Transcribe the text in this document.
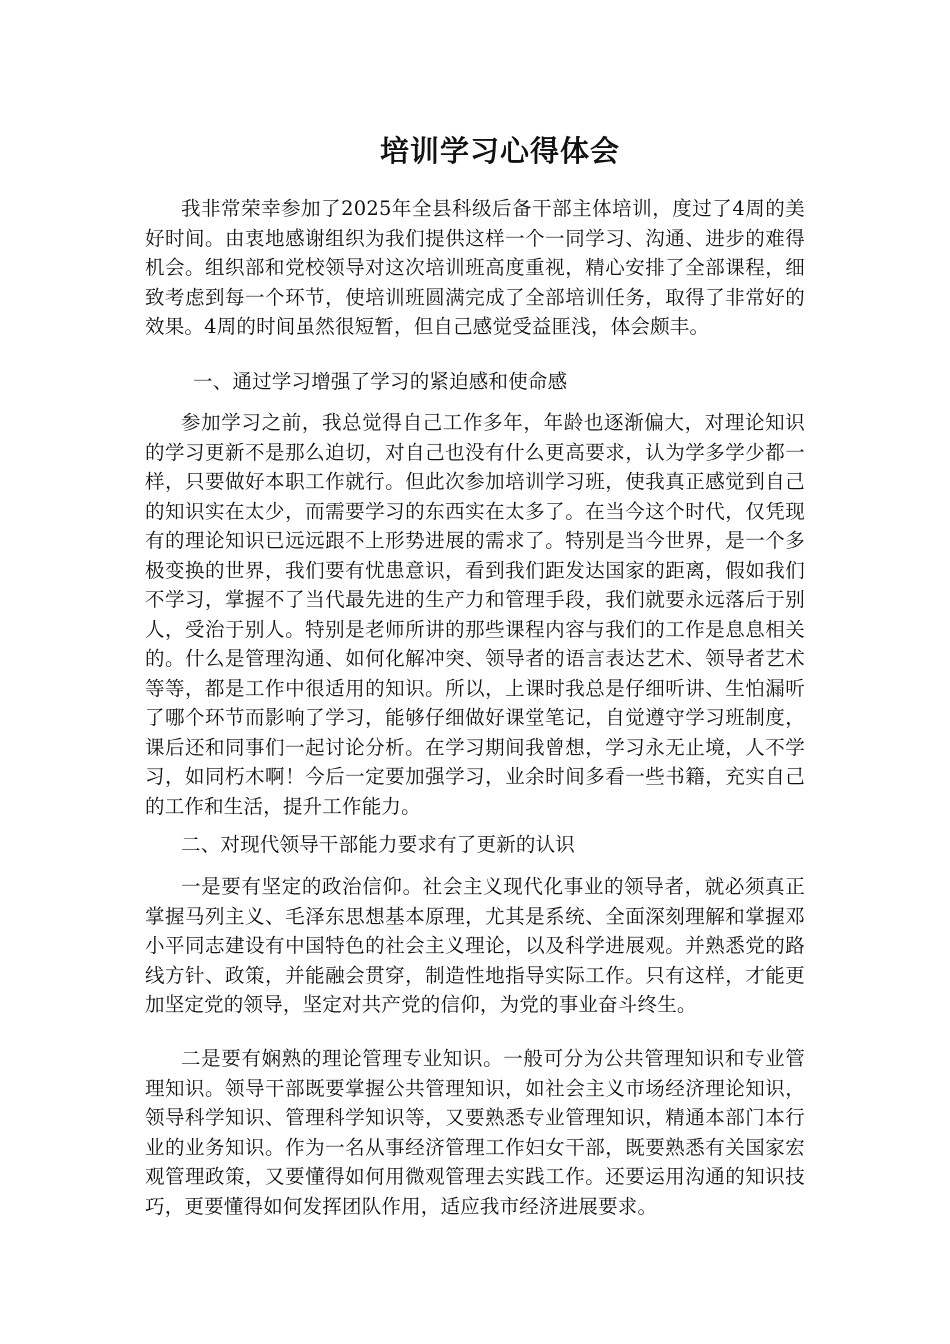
培训学习心得体会
我非常荣幸参加了2025年全县科级后备干部主体培训，度过了4周的美好时间。由衷地感谢组织为我们提供这样一个一同学习、沟通、进步的难得机会。组织部和党校领导对这次培训班高度重视，精心安排了全部课程，细致考虑到每一个环节，使培训班圆满完成了全部培训任务，取得了非常好的效果。4周的时间虽然很短暂，但自己感觉受益匪浅，体会颇丰。
一、通过学习增强了学习的紧迫感和使命感
参加学习之前，我总觉得自己工作多年，年龄也逐渐偏大，对理论知识的学习更新不是那么迫切，对自己也没有什么更高要求，认为学多学少都一样，只要做好本职工作就行。但此次参加培训学习班，使我真正感觉到自己的知识实在太少，而需要学习的东西实在太多了。在当今这个时代，仅凭现有的理论知识已远远跟不上形势进展的需求了。特别是当今世界，是一个多极变换的世界，我们要有忧患意识，看到我们距发达国家的距离，假如我们不学习，掌握不了当代最先进的生产力和管理手段，我们就要永远落后于别人，受治于别人。特别是老师所讲的那些课程内容与我们的工作是息息相关的。什么是管理沟通、如何化解冲突、领导者的语言表达艺术、领导者艺术等等，都是工作中很适用的知识。所以，上课时我总是仔细听讲、生怕漏听了哪个环节而影响了学习，能够仔细做好课堂笔记，自觉遵守学习班制度，课后还和同事们一起讨论分析。在学习期间我曾想，学习永无止境，人不学习，如同朽木啊！今后一定要加强学习，业余时间多看一些书籍，充实自己的工作和生活，提升工作能力。
二、对现代领导干部能力要求有了更新的认识
一是要有坚定的政治信仰。社会主义现代化事业的领导者，就必须真正掌握马列主义、毛泽东思想基本原理，尤其是系统、全面深刻理解和掌握邓小平同志建设有中国特色的社会主义理论，以及科学进展观。并熟悉党的路线方针、政策，并能融会贯穿，制造性地指导实际工作。只有这样，才能更加坚定党的领导，坚定对共产党的信仰，为党的事业奋斗终生。
二是要有娴熟的理论管理专业知识。一般可分为公共管理知识和专业管理知识。领导干部既要掌握公共管理知识，如社会主义市场经济理论知识，领导科学知识、管理科学知识等，又要熟悉专业管理知识，精通本部门本行业的业务知识。作为一名从事经济管理工作妇女干部，既要熟悉有关国家宏观管理政策，又要懂得如何用微观管理去实践工作。还要运用沟通的知识技巧，更要懂得如何发挥团队作用，适应我市经济进展要求。
